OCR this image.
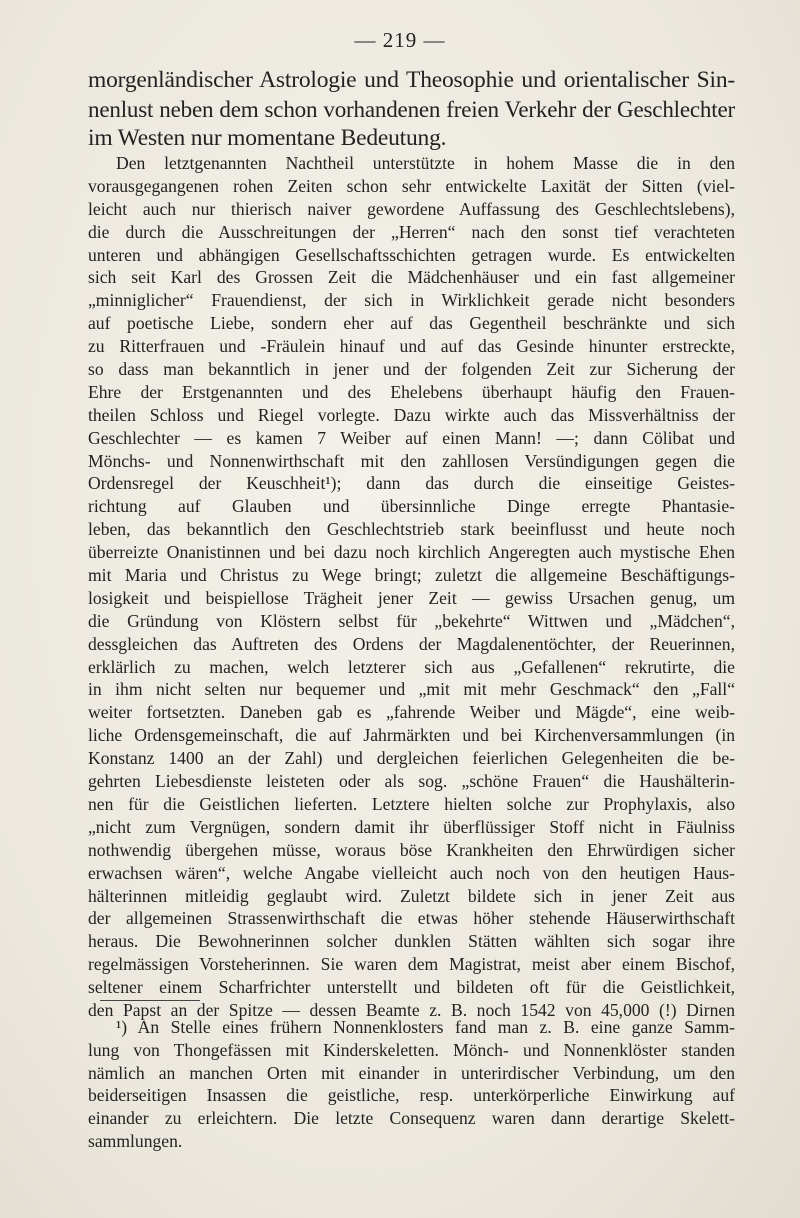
— 219 —
morgenländischer Astrologie und Theosophie und orientalischer Sin-
nenlust neben dem schon vorhandenen freien Verkehr der Geschlechter
im Westen nur momentane Bedeutung.
Den letztgenannten Nachtheil unterstützte in hohem Masse die in den
vorausgegangenen rohen Zeiten schon sehr entwickelte Laxität der Sitten (viel-
leicht auch nur thierisch naiver gewordene Auffassung des Geschlechtslebens),
die durch die Ausschreitungen der „Herren“ nach den sonst tief verachteten
unteren und abhängigen Gesellschaftsschichten getragen wurde. Es entwickelten
sich seit Karl des Grossen Zeit die Mädchenhäuser und ein fast allgemeiner
„minniglicher“ Frauendienst, der sich in Wirklichkeit gerade nicht besonders
auf poetische Liebe, sondern eher auf das Gegentheil beschränkte und sich
zu Ritterfrauen und -Fräulein hinauf und auf das Gesinde hinunter erstreckte,
so dass man bekanntlich in jener und der folgenden Zeit zur Sicherung der
Ehre der Erstgenannten und des Ehelebens überhaupt häufig den Frauen-
theilen Schloss und Riegel vorlegte. Dazu wirkte auch das Missverhältniss der
Geschlechter — es kamen 7 Weiber auf einen Mann! —; dann Cölibat und
Mönchs- und Nonnenwirthschaft mit den zahllosen Versündigungen gegen die
Ordensregel der Keuschheit¹); dann das durch die einseitige Geistes-
richtung auf Glauben und übersinnliche Dinge erregte Phantasie-
leben, das bekanntlich den Geschlechtstrieb stark beeinflusst und heute noch
überreizte Onanistinnen und bei dazu noch kirchlich Angeregten auch mystische Ehen
mit Maria und Christus zu Wege bringt; zuletzt die allgemeine Beschäftigungs-
losigkeit und beispiellose Trägheit jener Zeit — gewiss Ursachen genug, um
die Gründung von Klöstern selbst für „bekehrte“ Wittwen und „Mädchen“,
dessgleichen das Auftreten des Ordens der Magdalenentöchter, der Reuerinnen,
erklärlich zu machen, welch letzterer sich aus „Gefallenen“ rekrutirte, die
in ihm nicht selten nur bequemer und „mit mit mehr Geschmack“ den „Fall“
weiter fortsetzten. Daneben gab es „fahrende Weiber und Mägde“, eine weib-
liche Ordensgemeinschaft, die auf Jahrmärkten und bei Kirchenversammlungen (in
Konstanz 1400 an der Zahl) und dergleichen feierlichen Gelegenheiten die be-
gehrten Liebesdienste leisteten oder als sog. „schöne Frauen“ die Haushälterin-
nen für die Geistlichen lieferten. Letztere hielten solche zur Prophylaxis, also
„nicht zum Vergnügen, sondern damit ihr überflüssiger Stoff nicht in Fäulniss
nothwendig übergehen müsse, woraus böse Krankheiten den Ehrwürdigen sicher
erwachsen wären“, welche Angabe vielleicht auch noch von den heutigen Haus-
hälterinnen mitleidig geglaubt wird. Zuletzt bildete sich in jener Zeit aus
der allgemeinen Strassenwirthschaft die etwas höher stehende Häuserwirthschaft
heraus. Die Bewohnerinnen solcher dunklen Stätten wählten sich sogar ihre
regelmässigen Vorsteherinnen. Sie waren dem Magistrat, meist aber einem Bischof,
seltener einem Scharfrichter unterstellt und bildeten oft für die Geistlichkeit,
den Papst an der Spitze — dessen Beamte z. B. noch 1542 von 45,000 (!) Dirnen
¹) An Stelle eines frühern Nonnenklosters fand man z. B. eine ganze Samm-
lung von Thongefässen mit Kinderskeletten. Mönch- und Nonnenklöster standen
nämlich an manchen Orten mit einander in unterirdischer Verbindung, um den
beiderseitigen Insassen die geistliche, resp. unterkörperliche Einwirkung auf
einander zu erleichtern. Die letzte Consequenz waren dann derartige Skelett-
sammlungen.
